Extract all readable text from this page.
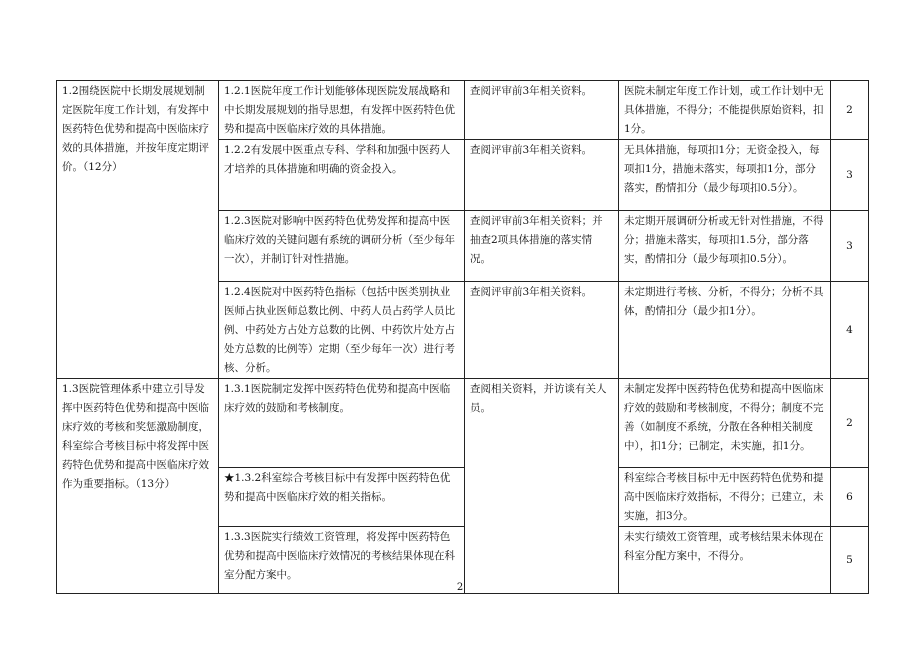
1.2围绕医院中长期发展规划制定医院年度工作计划，有发挥中医药特色优势和提高中医临床疗效的具体措施，并按年度定期评价。（12分）	1.2.1医院年度工作计划能够体现医院发展战略和中长期发展规划的指导思想，有发挥中医药特色优势和提高中医临床疗效的具体措施。	查阅评审前3年相关资料。	医院未制定年度工作计划，或工作计划中无具体措施，不得分；不能提供原始资料，扣1分。	2
	1.2.2有发展中医重点专科、学科和加强中医药人才培养的具体措施和明确的资金投入。	查阅评审前3年相关资料。	无具体措施，每项扣1分；无资金投入，每项扣1分，措施未落实，每项扣1分，部分落实，酌情扣分（最少每项扣0.5分）。	3
	1.2.3医院对影响中医药特色优势发挥和提高中医临床疗效的关键问题有系统的调研分析（至少每年一次），并制订针对性措施。	查阅评审前3年相关资料；并抽查2项具体措施的落实情况。	未定期开展调研分析或无针对性措施，不得分；措施未落实，每项扣1.5分，部分落实，酌情扣分（最少每项扣0.5分）。	3
	1.2.4医院对中医药特色指标（包括中医类别执业医师占执业医师总数比例、中药人员占药学人员比例、中药处方占处方总数的比例、中药饮片处方占处方总数的比例等）定期（至少每年一次）进行考核、分析。	查阅评审前3年相关资料。	未定期进行考核、分析，不得分；分析不具体，酌情扣分（最少扣1分）。	4
1.3医院管理体系中建立引导发挥中医药特色优势和提高中医临床疗效的考核和奖惩激励制度，科室综合考核目标中将发挥中医药特色优势和提高中医临床疗效作为重要指标。（13分）	1.3.1医院制定发挥中医药特色优势和提高中医临床疗效的鼓励和考核制度。	查阅相关资料，并访谈有关人员。	未制定发挥中医药特色优势和提高中医临床疗效的鼓励和考核制度，不得分；制度不完善（如制度不系统，分散在各种相关制度中），扣1分；已制定，未实施，扣1分。	2
	★1.3.2科室综合考核目标中有发挥中医药特色优势和提高中医临床疗效的相关指标。		科室综合考核目标中无中医药特色优势和提高中医临床疗效指标，不得分；已建立，未实施，扣3分。	6
	1.3.3医院实行绩效工资管理，将发挥中医药特色优势和提高中医临床疗效情况的考核结果体现在科室分配方案中。		未实行绩效工资管理，或考核结果未体现在科室分配方案中，不得分。	5
2
